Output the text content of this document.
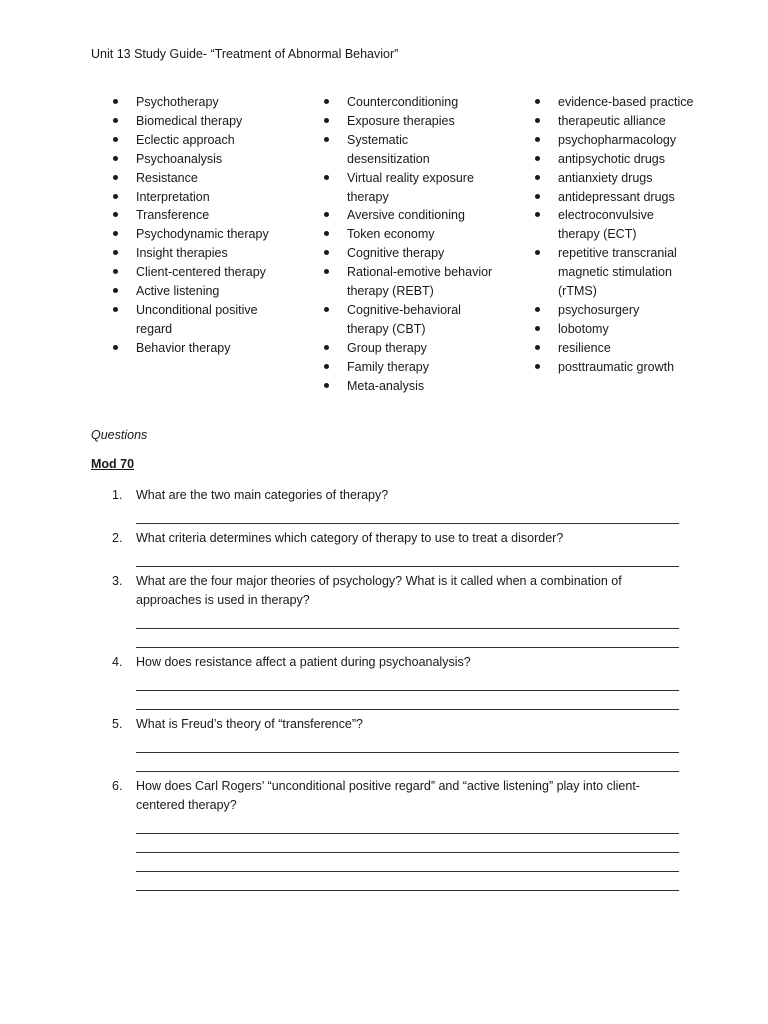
Unit 13 Study Guide- “Treatment of Abnormal Behavior”
Psychotherapy
Biomedical therapy
Eclectic approach
Psychoanalysis
Resistance
Interpretation
Transference
Psychodynamic therapy
Insight therapies
Client-centered therapy
Active listening
Unconditional positive regard
Behavior therapy
Counterconditioning
Exposure therapies
Systematic desensitization
Virtual reality exposure therapy
Aversive conditioning
Token economy
Cognitive therapy
Rational-emotive behavior therapy (REBT)
Cognitive-behavioral therapy (CBT)
Group therapy
Family therapy
Meta-analysis
evidence-based practice
therapeutic alliance
psychopharmacology
antipsychotic drugs
antianxiety drugs
antidepressant drugs
electroconvulsive therapy (ECT)
repetitive transcranial magnetic stimulation (rTMS)
psychosurgery
lobotomy
resilience
posttraumatic growth
Questions
Mod 70
1. What are the two main categories of therapy?
2. What criteria determines which category of therapy to use to treat a disorder?
3. What are the four major theories of psychology? What is it called when a combination of approaches is used in therapy?
4. How does resistance affect a patient during psychoanalysis?
5. What is Freud’s theory of “transference”?
6. How does Carl Rogers’ “unconditional positive regard” and “active listening” play into client-centered therapy?
